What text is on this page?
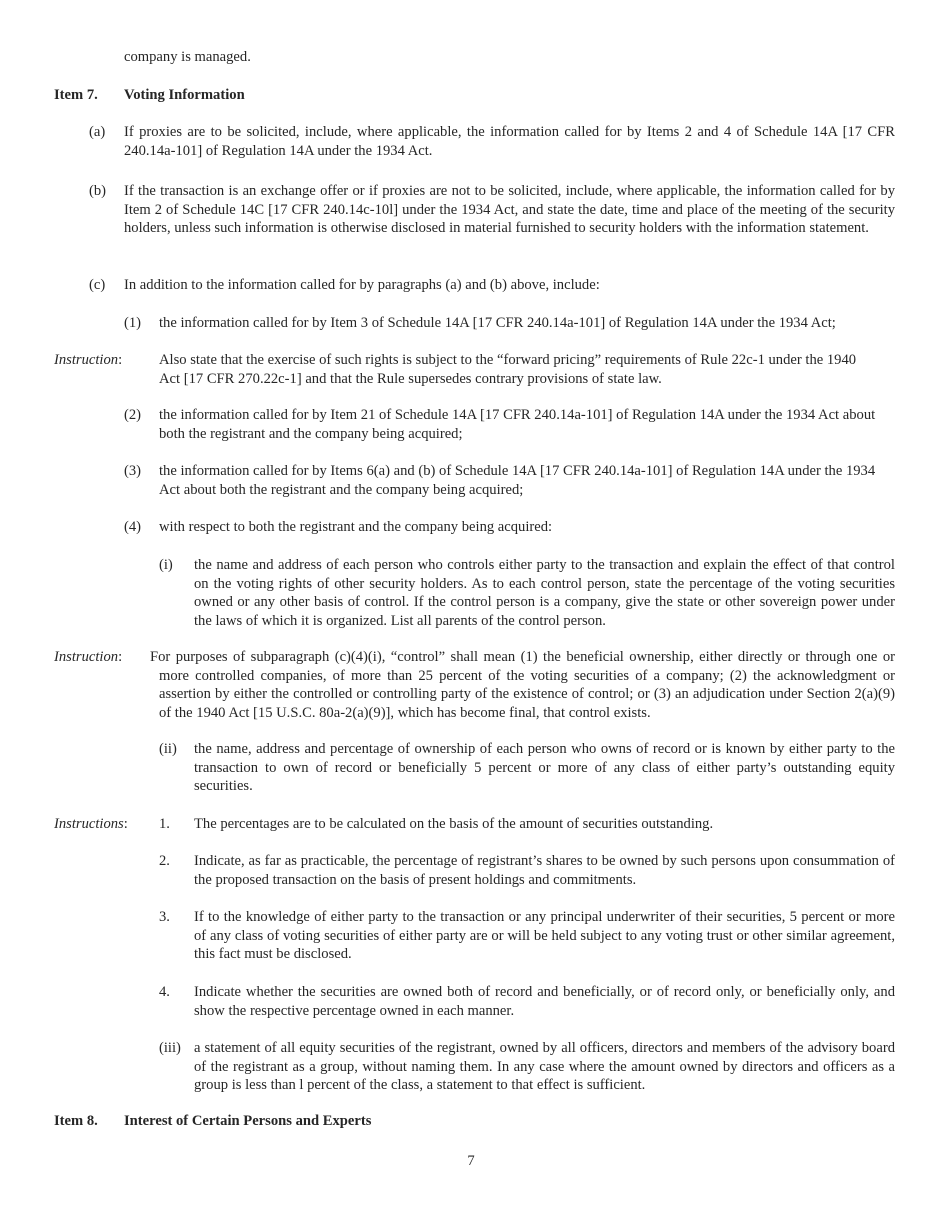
company is managed.

Item 7. Voting Information
(a) If proxies are to be solicited, include, where applicable, the information called for by Items 2 and 4 of Schedule 14A [17 CFR 240.14a-101] of Regulation 14A under the 1934 Act.

(b) If the transaction is an exchange offer or if proxies are not to be solicited, include, where applicable, the information called for by Item 2 of Schedule 14C [17 CFR 240.14c-10l] under the 1934 Act, and state the date, time and place of the meeting of the security holders, unless such information is otherwise disclosed in material furnished to security holders with the information statement.

(c) In addition to the information called for by paragraphs (a) and (b) above, include:

(1) the information called for by Item 3 of Schedule 14A [17 CFR 240.14a-101] of Regulation 14A under the 1934 Act;

Instruction:	Also state that the exercise of such rights is subject to the “forward pricing” requirements of Rule 22c-1 under the 1940 Act [17 CFR 270.22c-1] and that the Rule supersedes contrary provisions of state law.

(2) the information called for by Item 21 of Schedule 14A [17 CFR 240.14a-101] of Regulation 14A under the 1934 Act about both the registrant and the company being acquired;

(3) the information called for by Items 6(a) and (b) of Schedule 14A [17 CFR 240.14a-101] of Regulation 14A under the 1934 Act about both the registrant and the company being acquired;

(4) with respect to both the registrant and the company being acquired:

(i) the name and address of each person who controls either party to the transaction and explain the effect of that control on the voting rights of other security holders. As to each control person, state the percentage of the voting securities owned or any other basis of control. If the control person is a company, give the state or other sovereign power under the laws of which it is organized. List all parents of the control person.

Instruction: For purposes of subparagraph (c)(4)(i), “control” shall mean (1) the beneficial ownership, either directly or through one or more controlled companies, of more than 25 percent of the voting securities of a company; (2) the acknowledgment or assertion by either the controlled or controlling party of the existence of control; or (3) an adjudication under Section 2(a)(9) of the 1940 Act [15 U.S.C. 80a-2(a)(9)], which has become final, that control exists.

(ii) the name, address and percentage of ownership of each person who owns of record or is known by either party to the transaction to own of record or beneficially 5 percent or more of any class of either party’s outstanding equity securities.

Instructions: 1. The percentages are to be calculated on the basis of the amount of securities outstanding.

2. Indicate, as far as practicable, the percentage of registrant’s shares to be owned by such persons upon consummation of the proposed transaction on the basis of present holdings and commitments.

3. If to the knowledge of either party to the transaction or any principal underwriter of their securities, 5 percent or more of any class of voting securities of either party are or will be held subject to any voting trust or other similar agreement, this fact must be disclosed.

4. Indicate whether the securities are owned both of record and beneficially, or of record only, or beneficially only, and show the respective percentage owned in each manner.

(iii) a statement of all equity securities of the registrant, owned by all officers, directors and members of the advisory board of the registrant as a group, without naming them. In any case where the amount owned by directors and officers as a group is less than l percent of the class, a statement to that effect is sufficient.

Item 8. Interest of Certain Persons and Experts
7
